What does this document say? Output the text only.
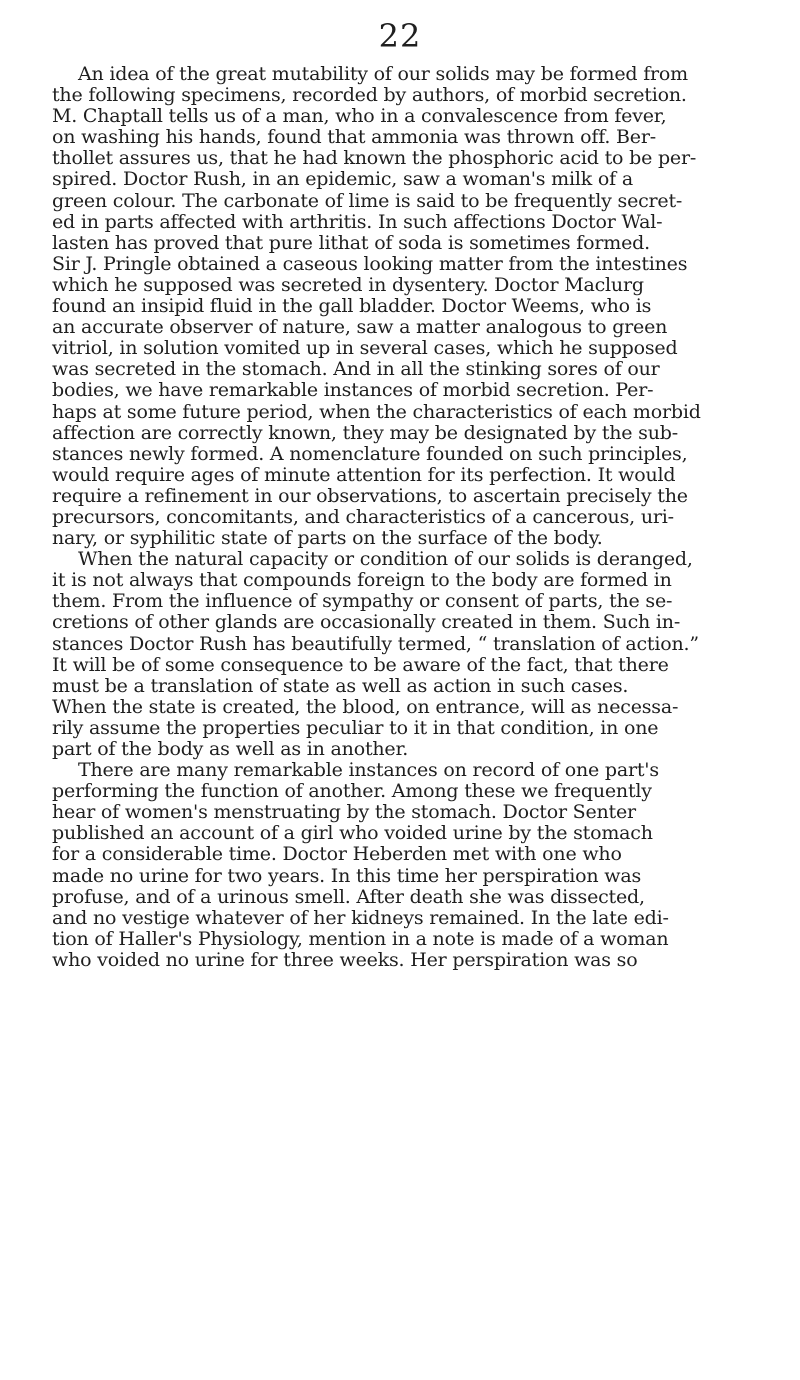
22
An idea of the great mutability of our solids may be formed from
the following specimens, recorded by authors, of morbid secretion.
M. Chaptall tells us of a man, who in a convalescence from fever,
on washing his hands, found that ammonia was thrown off. Ber-
thollet assures us, that he had known the phosphoric acid to be per-
spired. Doctor Rush, in an epidemic, saw a woman's milk of a
green colour. The carbonate of lime is said to be frequently secret-
ed in parts affected with arthritis. In such affections Doctor Wal-
lasten has proved that pure lithat of soda is sometimes formed.
Sir J. Pringle obtained a caseous looking matter from the intestines
which he supposed was secreted in dysentery. Doctor Maclurg
found an insipid fluid in the gall bladder. Doctor Weems, who is
an accurate observer of nature, saw a matter analogous to green
vitriol, in solution vomited up in several cases, which he supposed
was secreted in the stomach. And in all the stinking sores of our
bodies, we have remarkable instances of morbid secretion. Per-
haps at some future period, when the characteristics of each morbid
affection are correctly known, they may be designated by the sub-
stances newly formed. A nomenclature founded on such principles,
would require ages of minute attention for its perfection. It would
require a refinement in our observations, to ascertain precisely the
precursors, concomitants, and characteristics of a cancerous, uri-
nary, or syphilitic state of parts on the surface of the body.
When the natural capacity or condition of our solids is deranged,
it is not always that compounds foreign to the body are formed in
them. From the influence of sympathy or consent of parts, the se-
cretions of other glands are occasionally created in them. Such in-
stances Doctor Rush has beautifully termed, “ translation of action.”
It will be of some consequence to be aware of the fact, that there
must be a translation of state as well as action in such cases.
When the state is created, the blood, on entrance, will as necessa-
rily assume the properties peculiar to it in that condition, in one
part of the body as well as in another.
There are many remarkable instances on record of one part's
performing the function of another. Among these we frequently
hear of women's menstruating by the stomach. Doctor Senter
published an account of a girl who voided urine by the stomach
for a considerable time. Doctor Heberden met with one who
made no urine for two years. In this time her perspiration was
profuse, and of a urinous smell. After death she was dissected,
and no vestige whatever of her kidneys remained. In the late edi-
tion of Haller's Physiology, mention in a note is made of a woman
who voided no urine for three weeks. Her perspiration was so
